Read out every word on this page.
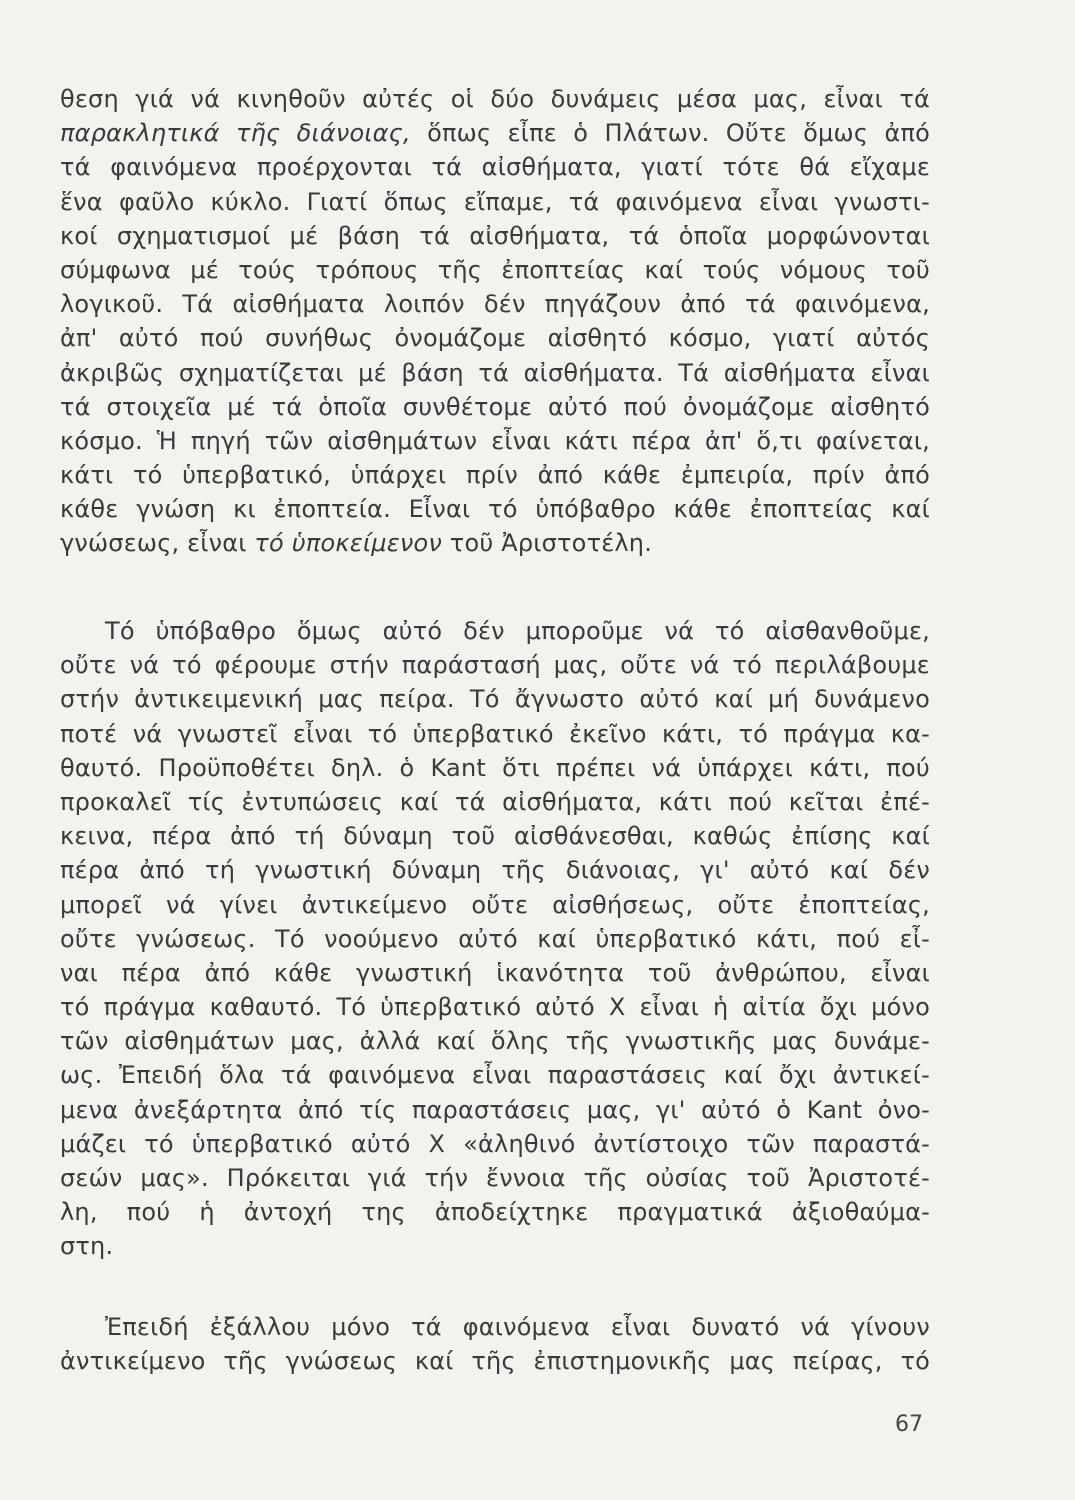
θεση γιά νά κινηθοῦν αὐτές οἱ δύο δυνάμεις μέσα μας, εἶναι τά
παρακλητικά τῆς διάνοιας, ὅπως εἶπε ὁ Πλάτων. Οὔτε ὅμως ἀπό
τά φαινόμενα προέρχονται τά αἰσθήματα, γιατί τότε θά εἴχαμε
ἕνα φαῦλο κύκλο. Γιατί ὅπως εἴπαμε, τά φαινόμενα εἶναι γνωστι-
κοί σχηματισμοί μέ βάση τά αἰσθήματα, τά ὁποῖα μορφώνονται
σύμφωνα μέ τούς τρόπους τῆς ἐποπτείας καί τούς νόμους τοῦ
λογικοῦ. Τά αἰσθήματα λοιπόν δέν πηγάζουν ἀπό τά φαινόμενα,
ἀπ' αὐτό πού συνήθως ὀνομάζομε αἰσθητό κόσμο, γιατί αὐτός
ἀκριβῶς σχηματίζεται μέ βάση τά αἰσθήματα. Τά αἰσθήματα εἶναι
τά στοιχεῖα μέ τά ὁποῖα συνθέτομε αὐτό πού ὀνομάζομε αἰσθητό
κόσμο. Ἡ πηγή τῶν αἰσθημάτων εἶναι κάτι πέρα ἀπ' ὅ,τι φαίνεται,
κάτι τό ὑπερβατικό, ὑπάρχει πρίν ἀπό κάθε ἐμπειρία, πρίν ἀπό
κάθε γνώση κι ἐποπτεία. Εἶναι τό ὑπόβαθρο κάθε ἐποπτείας καί
γνώσεως, εἶναι τό ὑποκείμενον τοῦ Ἀριστοτέλη.
Τό ὑπόβαθρο ὅμως αὐτό δέν μποροῦμε νά τό αἰσθανθοῦμε,
οὔτε νά τό φέρουμε στήν παράστασή μας, οὔτε νά τό περιλάβουμε
στήν ἀντικειμενική μας πείρα. Τό ἄγνωστο αὐτό καί μή δυνάμενο
ποτέ νά γνωστεῖ εἶναι τό ὑπερβατικό ἐκεῖνο κάτι, τό πράγμα κα-
θαυτό. Προϋποθέτει δηλ. ὁ Kant ὅτι πρέπει νά ὑπάρχει κάτι, πού
προκαλεῖ τίς ἐντυπώσεις καί τά αἰσθήματα, κάτι πού κεῖται ἐπέ-
κεινα, πέρα ἀπό τή δύναμη τοῦ αἰσθάνεσθαι, καθώς ἐπίσης καί
πέρα ἀπό τή γνωστική δύναμη τῆς διάνοιας, γι' αὐτό καί δέν
μπορεῖ νά γίνει ἀντικείμενο οὔτε αἰσθήσεως, οὔτε ἐποπτείας,
οὔτε γνώσεως. Τό νοούμενο αὐτό καί ὑπερβατικό κάτι, πού εἶ-
ναι πέρα ἀπό κάθε γνωστική ἱκανότητα τοῦ ἀνθρώπου, εἶναι
τό πράγμα καθαυτό. Τό ὑπερβατικό αὐτό Χ εἶναι ἡ αἰτία ὄχι μόνο
τῶν αἰσθημάτων μας, ἀλλά καί ὅλης τῆς γνωστικῆς μας δυνάμε-
ως. Ἐπειδή ὅλα τά φαινόμενα εἶναι παραστάσεις καί ὄχι ἀντικεί-
μενα ἀνεξάρτητα ἀπό τίς παραστάσεις μας, γι' αὐτό ὁ Kant ὀνο-
μάζει τό ὑπερβατικό αὐτό Χ «ἀληθινό ἀντίστοιχο τῶν παραστά-
σεών μας». Πρόκειται γιά τήν ἔννοια τῆς οὐσίας τοῦ Ἀριστοτέ-
λη, πού ἡ ἀντοχή της ἀποδείχτηκε πραγματικά ἀξιοθαύμα-
στη.
Ἐπειδή ἐξάλλου μόνο τά φαινόμενα εἶναι δυνατό νά γίνουν
ἀντικείμενο τῆς γνώσεως καί τῆς ἐπιστημονικῆς μας πείρας, τό
67
